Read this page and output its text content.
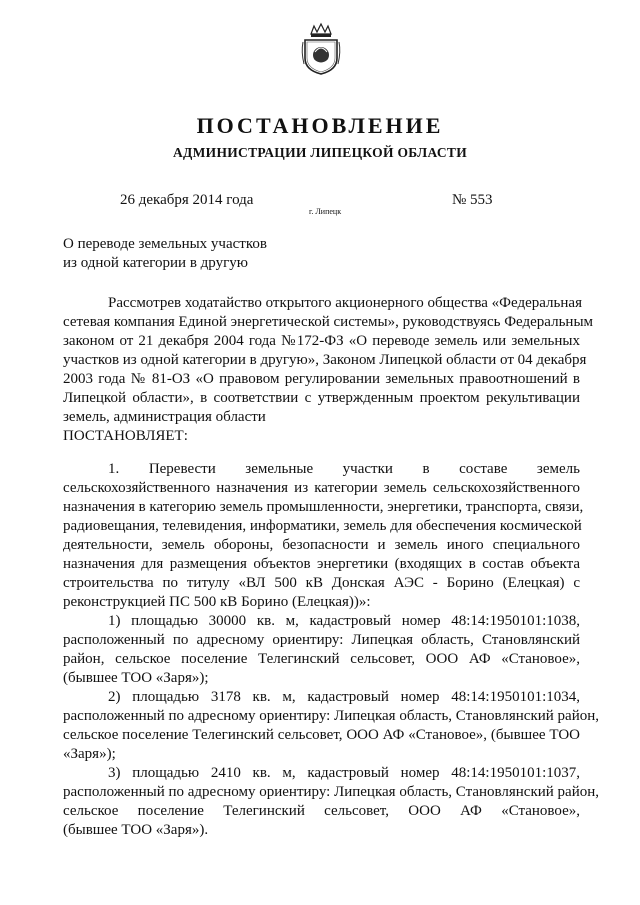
ПОСТАНОВЛЕНИЕ
АДМИНИСТРАЦИИ ЛИПЕЦКОЙ ОБЛАСТИ
26 декабря 2014 года
г. Липецк
№ 553
О переводе земельных участков
из одной категории в другую
Рассмотрев ходатайство открытого акционерного общества «Федеральная
сетевая компания Единой энергетической системы», руководствуясь Федеральным
законом от 21 декабря 2004 года №172-ФЗ «О переводе земель или земельных
участков из одной категории в другую», Законом Липецкой области от 04 декабря
2003 года № 81-ОЗ «О правовом регулировании земельных правоотношений в
Липецкой области», в соответствии с утвержденным проектом рекультивации
земель, администрация области
ПОСТАНОВЛЯЕТ:
1. Перевести земельные участки в составе земель
сельскохозяйственного назначения из категории земель сельскохозяйственного
назначения в категорию земель промышленности, энергетики, транспорта, связи,
радиовещания, телевидения, информатики, земель для обеспечения космической
деятельности, земель обороны, безопасности и земель иного специального
назначения для размещения объектов энергетики (входящих в состав объекта
строительства по титулу «ВЛ 500 кВ Донская АЭС - Борино (Елецкая) с
реконструкцией ПС 500 кВ Борино (Елецкая))»:
1) площадью 30000 кв. м, кадастровый номер 48:14:1950101:1038,
расположенный по адресному ориентиру: Липецкая область, Становлянский
район, сельское поселение Телегинский сельсовет, ООО АФ «Становое»,
(бывшее ТОО «Заря»);
2) площадью 3178 кв. м, кадастровый номер 48:14:1950101:1034,
расположенный по адресному ориентиру: Липецкая область, Становлянский район,
сельское поселение Телегинский сельсовет, ООО АФ «Становое», (бывшее ТОО
«Заря»);
3) площадью 2410 кв. м, кадастровый номер 48:14:1950101:1037,
расположенный по адресному ориентиру: Липецкая область, Становлянский район,
сельское поселение Телегинский сельсовет, ООО АФ «Становое»,
(бывшее ТОО «Заря»).
